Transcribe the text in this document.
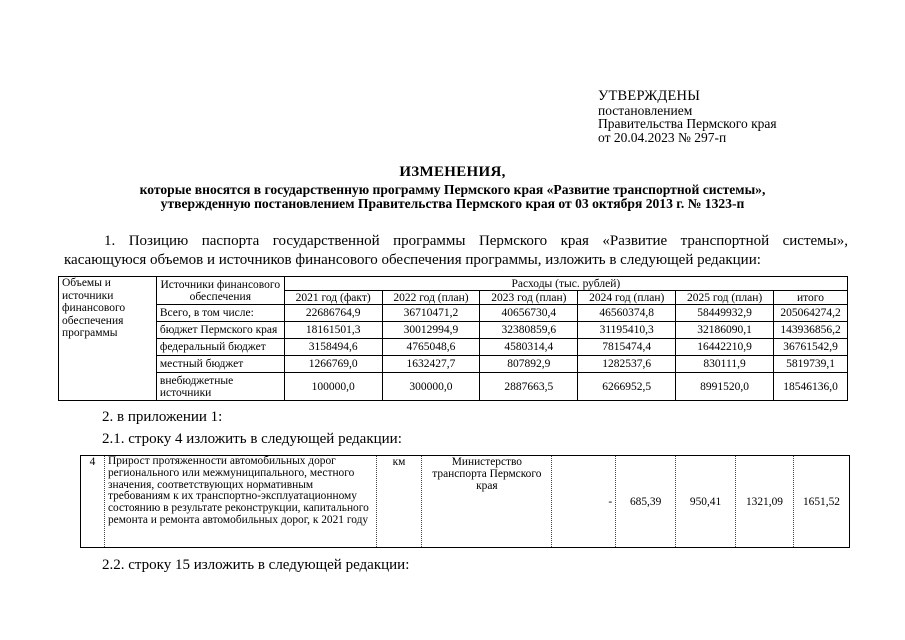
УТВЕРЖДЕНЫ
постановлением
Правительства Пермского края
от 20.04.2023 № 297-п
ИЗМЕНЕНИЯ,
которые вносятся в государственную программу Пермского края «Развитие транспортной системы»,
утвержденную постановлением Правительства Пермского края от 03 октября 2013 г. № 1323-п
1. Позицию паспорта государственной программы Пермского края «Развитие транспортной системы»,
касающуюся объемов и источников финансового обеспечения программы, изложить в следующей редакции:
Объемы и источники финансового обеспечения программы	Источники финансового обеспечения	Расходы (тыс. рублей)					
		2021 год (факт)	2022 год (план)	2023 год (план)	2024 год (план)	2025 год (план)	итого
	Всего, в том числе:	22686764,9	36710471,2	40656730,4	46560374,8	58449932,9	205064274,2
	бюджет Пермского края	18161501,3	30012994,9	32380859,6	31195410,3	32186090,1	143936856,2
	федеральный бюджет	3158494,6	4765048,6	4580314,4	7815474,4	16442210,9	36761542,9
	местный бюджет	1266769,0	1632427,7	807892,9	1282537,6	830111,9	5819739,1
	внебюджетные источники	100000,0	300000,0	2887663,5	6266952,5	8991520,0	18546136,0
2. в приложении 1:
2.1. строку 4 изложить в следующей редакции:
4	Прирост протяженности автомобильных дорог регионального или межмуниципального, местного значения, соответствующих нормативным требованиям к их транспортно-эксплуатационному состоянию в результате реконструкции, капитального ремонта и ремонта автомобильных дорог, к 2021 году	км	Министерство транспорта Пермского края	-	685,39	950,41	1321,09	1651,52
2.2. строку 15 изложить в следующей редакции:
